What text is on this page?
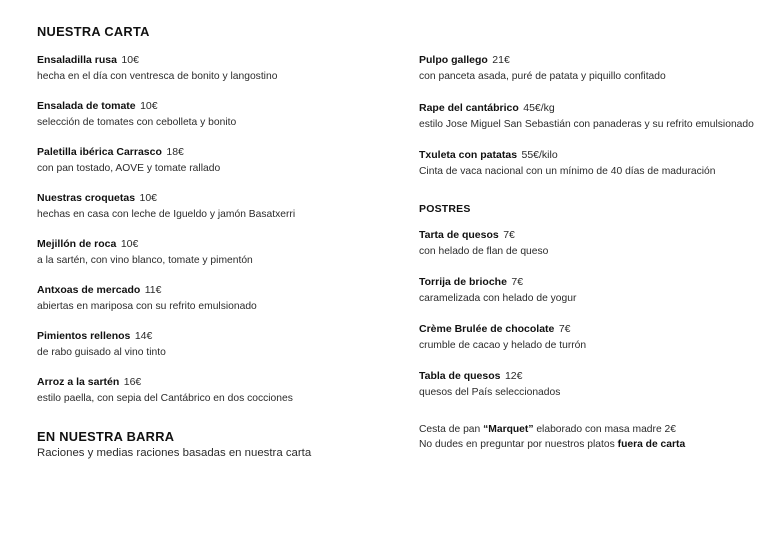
NUESTRA CARTA
Ensaladilla rusa 10€
hecha en el día con ventresca de bonito y langostino
Ensalada de tomate 10€
selección de tomates con cebolleta y bonito
Paletilla ibérica Carrasco 18€
con pan tostado, AOVE y tomate rallado
Nuestras croquetas 10€
hechas en casa con leche de Igueldo y jamón Basatxerri
Mejillón de roca 10€
a la sartén, con vino blanco, tomate y pimentón
Antxoas de mercado 11€
abiertas en mariposa con su refrito emulsionado
Pimientos rellenos 14€
de rabo guisado al vino tinto
Arroz a la sartén 16€
estilo paella, con sepia del Cantábrico en dos cocciones
EN NUESTRA BARRA
Raciones y medias raciones basadas en nuestra carta
Pulpo gallego 21€
con panceta asada, puré de patata y piquillo confitado
Rape del cantábrico 45€/kg
estilo Jose Miguel San Sebastián con panaderas y su refrito emulsionado
Txuleta con patatas 55€/kilo
Cinta de vaca nacional con un mínimo de 40 días de maduración
POSTRES
Tarta de quesos 7€
con helado de flan de queso
Torrija de brioche 7€
caramelizada con helado de yogur
Crème Brulée de chocolate 7€
crumble de cacao y helado de turrón
Tabla de quesos 12€
quesos del País seleccionados
Cesta de pan “Marquet” elaborado con masa madre 2€
No dudes en preguntar por nuestros platos fuera de carta
